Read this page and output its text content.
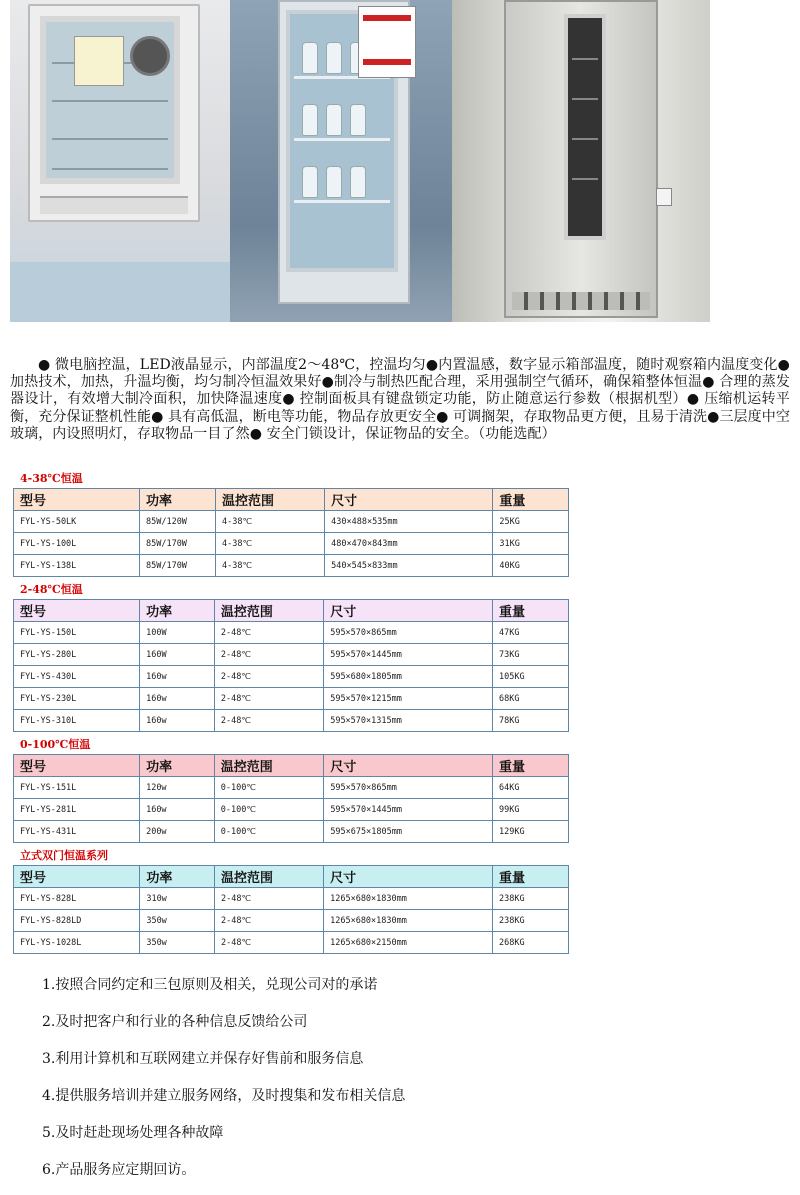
● 微电脑控温，LED液晶显示，内部温度2～48℃，控温均匀●内置温感，数字显示箱部温度，随时观察箱内温度变化●加热技术，加热，升温均衡，均匀制冷恒温效果好●制冷与制热匹配合理，采用强制空气循环，确保箱整体恒温● 合理的蒸发器设计，有效增大制冷面积，加快降温速度● 控制面板具有键盘锁定功能，防止随意运行参数（根据机型）● 压缩机运转平衡，充分保证整机性能● 具有高低温，断电等功能，物品存放更安全● 可调搁架，存取物品更方便，且易于清洗●三层度中空玻璃，内设照明灯，存取物品一目了然● 安全门锁设计，保证物品的安全。（功能选配）

4-38℃恒温
型号	功率	温控范围	尺寸	重量
FYL-YS-50LK	85W/120W	4-38℃	430×488×535mm	25KG
FYL-YS-100L	85W/170W	4-38℃	480×470×843mm	31KG
FYL-YS-138L	85W/170W	4-38℃	540×545×833mm	40KG
2-48℃恒温
型号	功率	温控范围	尺寸	重量
FYL-YS-150L	100W	2-48℃	595×570×865mm	47KG
FYL-YS-280L	160W	2-48℃	595×570×1445mm	73KG
FYL-YS-430L	160w	2-48℃	595×680×1805mm	105KG
FYL-YS-230L	160w	2-48℃	595×570×1215mm	68KG
FYL-YS-310L	160w	2-48℃	595×570×1315mm	78KG
0-100℃恒温
型号	功率	温控范围	尺寸	重量
FYL-YS-151L	120w	0-100℃	595×570×865mm	64KG
FYL-YS-281L	160w	0-100℃	595×570×1445mm	99KG
FYL-YS-431L	200w	0-100℃	595×675×1805mm	129KG
立式双门恒温系列
型号	功率	温控范围	尺寸	重量
FYL-YS-828L	310w	2-48℃	1265×680×1830mm	238KG
FYL-YS-828LD	350w	2-48℃	1265×680×1830mm	238KG
FYL-YS-1028L	350w	2-48℃	1265×680×2150mm	268KG
1.按照合同约定和三包原则及相关，兑现公司对的承诺
2.及时把客户和行业的各种信息反馈给公司
3.利用计算机和互联网建立并保存好售前和服务信息
4.提供服务培训并建立服务网络，及时搜集和发布相关信息
5.及时赶赴现场处理各种故障
6.产品服务应定期回访。
